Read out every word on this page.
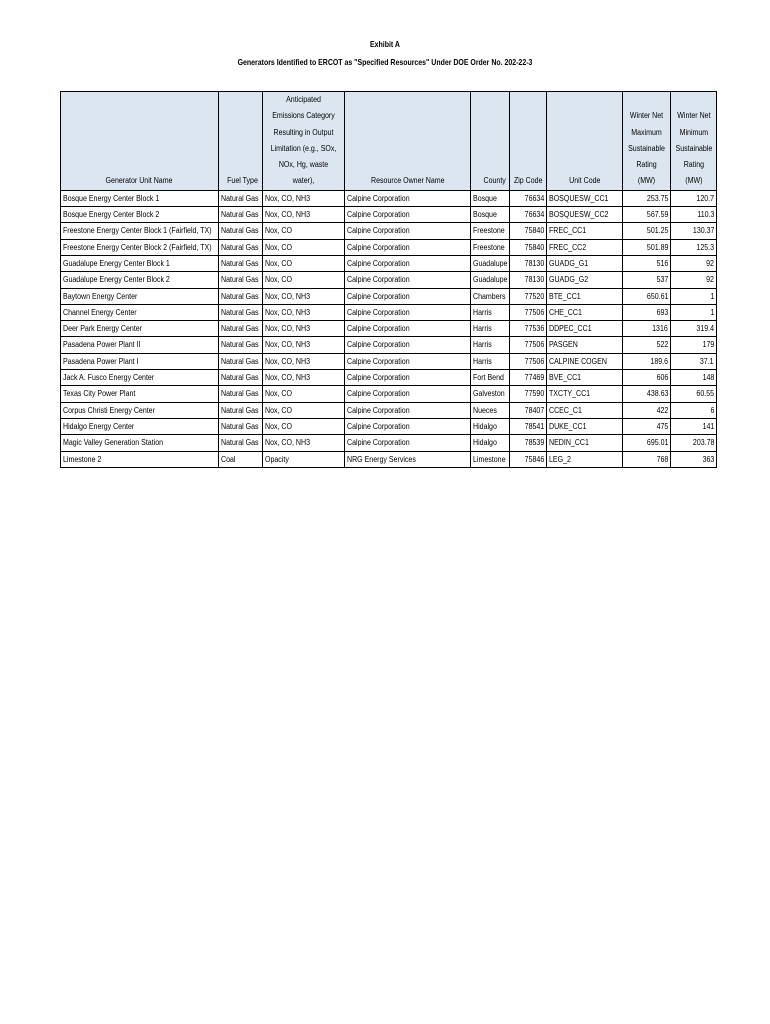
Exhibit A
Generators Identified to ERCOT as "Specified Resources" Under DOE Order No. 202-22-3
Generator Unit Name	Fuel Type	Anticipated Emissions Category Resulting in Output Limitation (e.g., SOx, NOx, Hg, waste water),	Resource Owner Name	County	Zip Code	Unit Code	Winter Net Maximum Sustainable Rating (MW)	Winter Net Minimum Sustainable Rating (MW)
Bosque Energy Center Block 1	Natural Gas	Nox, CO, NH3	Calpine Corporation	Bosque	76634	BOSQUESW_CC1	253.75	120.7
Bosque Energy Center Block 2	Natural Gas	Nox, CO, NH3	Calpine Corporation	Bosque	76634	BOSQUESW_CC2	567.59	110.3
Freestone Energy Center Block 1 (Fairfield, TX)	Natural Gas	Nox, CO	Calpine Corporation	Freestone	75840	FREC_CC1	501.25	130.37
Freestone Energy Center Block 2 (Fairfield, TX)	Natural Gas	Nox, CO	Calpine Corporation	Freestone	75840	FREC_CC2	501.89	125.3
Guadalupe Energy Center Block 1	Natural Gas	Nox, CO	Calpine Corporation	Guadalupe	78130	GUADG_G1	516	92
Guadalupe Energy Center Block 2	Natural Gas	Nox, CO	Calpine Corporation	Guadalupe	78130	GUADG_G2	537	92
Baytown Energy Center	Natural Gas	Nox, CO, NH3	Calpine Corporation	Chambers	77520	BTE_CC1	650.61	1
Channel Energy Center	Natural Gas	Nox, CO, NH3	Calpine Corporation	Harris	77506	CHE_CC1	693	1
Deer Park Energy Center	Natural Gas	Nox, CO, NH3	Calpine Corporation	Harris	77536	DDPEC_CC1	1316	319.4
Pasadena Power Plant II	Natural Gas	Nox, CO, NH3	Calpine Corporation	Harris	77506	PASGEN	522	179
Pasadena Power Plant I	Natural Gas	Nox, CO, NH3	Calpine Corporation	Harris	77506	CALPINE COGEN	189.6	37.1
Jack A. Fusco Energy Center	Natural Gas	Nox, CO, NH3	Calpine Corporation	Fort Bend	77469	BVE_CC1	606	148
Texas City Power Plant	Natural Gas	Nox, CO	Calpine Corporation	Galveston	77590	TXCTY_CC1	438.63	60.55
Corpus Christi Energy Center	Natural Gas	Nox, CO	Calpine Corporation	Nueces	78407	CCEC_C1	422	6
Hidalgo Energy Center	Natural Gas	Nox, CO	Calpine Corporation	Hidalgo	78541	DUKE_CC1	475	141
Magic Valley Generation Station	Natural Gas	Nox, CO, NH3	Calpine Corporation	Hidalgo	78539	NEDIN_CC1	695.01	203.78
Limestone 2	Coal	Opacity	NRG Energy Services	Limestone	75846	LEG_2	768	363
